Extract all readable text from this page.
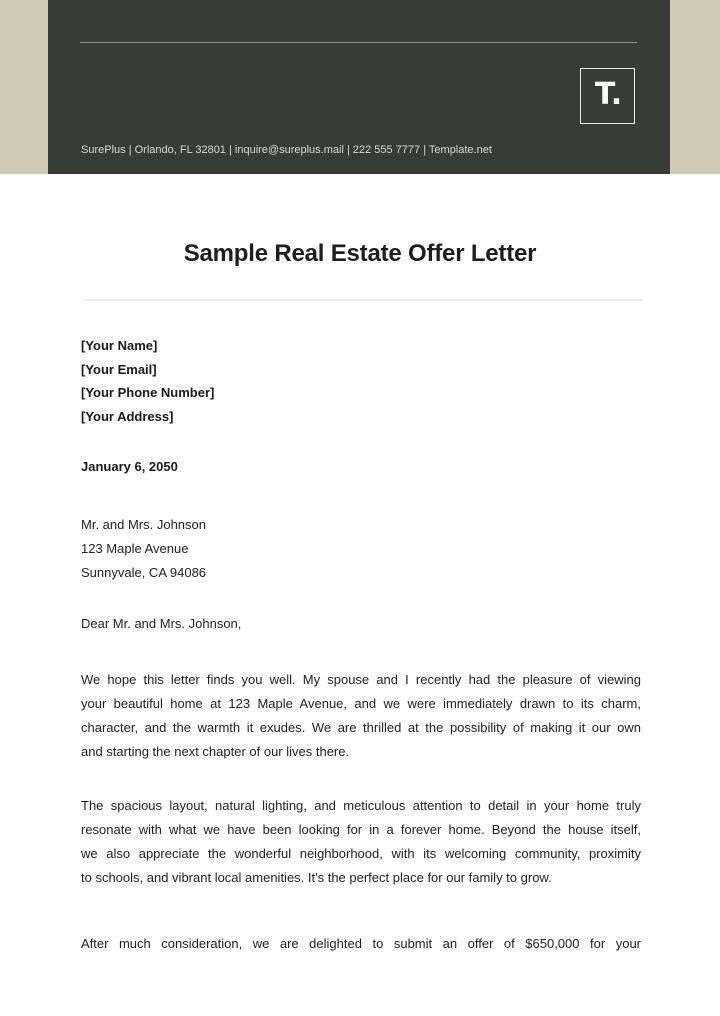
T.
SurePlus | Orlando, FL 32801 | inquire@sureplus.mail | 222 555 7777 | Template.net
Sample Real Estate Offer Letter
[Your Name]
[Your Email]
[Your Phone Number]
[Your Address]
January 6, 2050
Mr. and Mrs. Johnson
123 Maple Avenue
Sunnyvale, CA 94086
Dear Mr. and Mrs. Johnson,
We hope this letter finds you well. My spouse and I recently had the pleasure of viewing
your beautiful home at 123 Maple Avenue, and we were immediately drawn to its charm,
character, and the warmth it exudes. We are thrilled at the possibility of making it our own
and starting the next chapter of our lives there.
The spacious layout, natural lighting, and meticulous attention to detail in your home truly
resonate with what we have been looking for in a forever home. Beyond the house itself,
we also appreciate the wonderful neighborhood, with its welcoming community, proximity
to schools, and vibrant local amenities. It's the perfect place for our family to grow.
After much consideration, we are delighted to submit an offer of $650,000 for your
